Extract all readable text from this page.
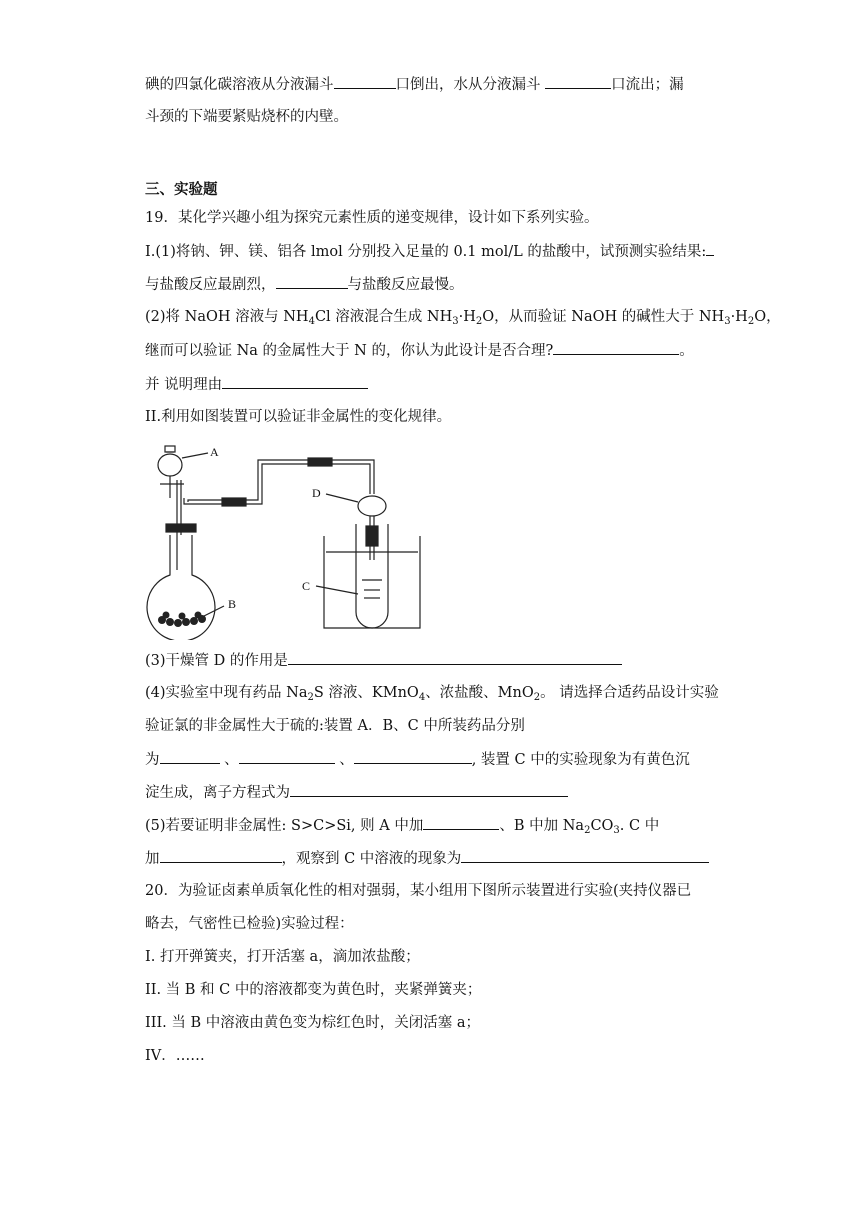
碘的四氯化碳溶液从分液漏斗	口倒出，水从分液漏斗	口流出；漏
斗颈的下端要紧贴烧杯的内壁。
三、实验题
19．某化学兴趣小组为探究元素性质的递变规律，设计如下系列实验。
I.(1)将钠、钾、镁、铝各 lmol 分别投入足量的 0.1 mol/L 的盐酸中，试预测实验结果:
与盐酸反应最剧烈，	与盐酸反应最慢。
(2)将 NaOH 溶液与 $NH_4Cl$ 溶液混合生成 $NH_3\cdot H_2O$，从而验证 NaOH 的碱性大于 $NH_3\cdot H_2O$，
继而可以验证 Na 的金属性大于 N 的，你认为此设计是否合理?	。
并 说明理由
II.利用如图装置可以验证非金属性的变化规律。
A
D
C
B
(3)干燥管 D 的作用是
(4)实验室中现有药品 $Na_2S$ 溶液、KMnO$_4$、浓盐酸、MnO$_2$。 请选择合适药品设计实验
验证氯的非金属性大于硫的:装置 A．B、C 中所装药品分别
为	、	、	, 装置 C 中的实验现象为有黄色沉
淀生成，离子方程式为
(5)若要证明非金属性: S>C>Si, 则 A 中加	、B 中加 $Na_2CO_3$. C 中
加	，观察到 C 中溶液的现象为
20．为验证卤素单质氧化性的相对强弱，某小组用下图所示装置进行实验(夹持仪器已
略去，气密性已检验)实验过程：
I. 打开弹簧夹，打开活塞 a，滴加浓盐酸；
II. 当 B 和 C 中的溶液都变为黄色时，夹紧弹簧夹；
III. 当 B 中溶液由黄色变为棕红色时，关闭活塞 a；
IV．……
